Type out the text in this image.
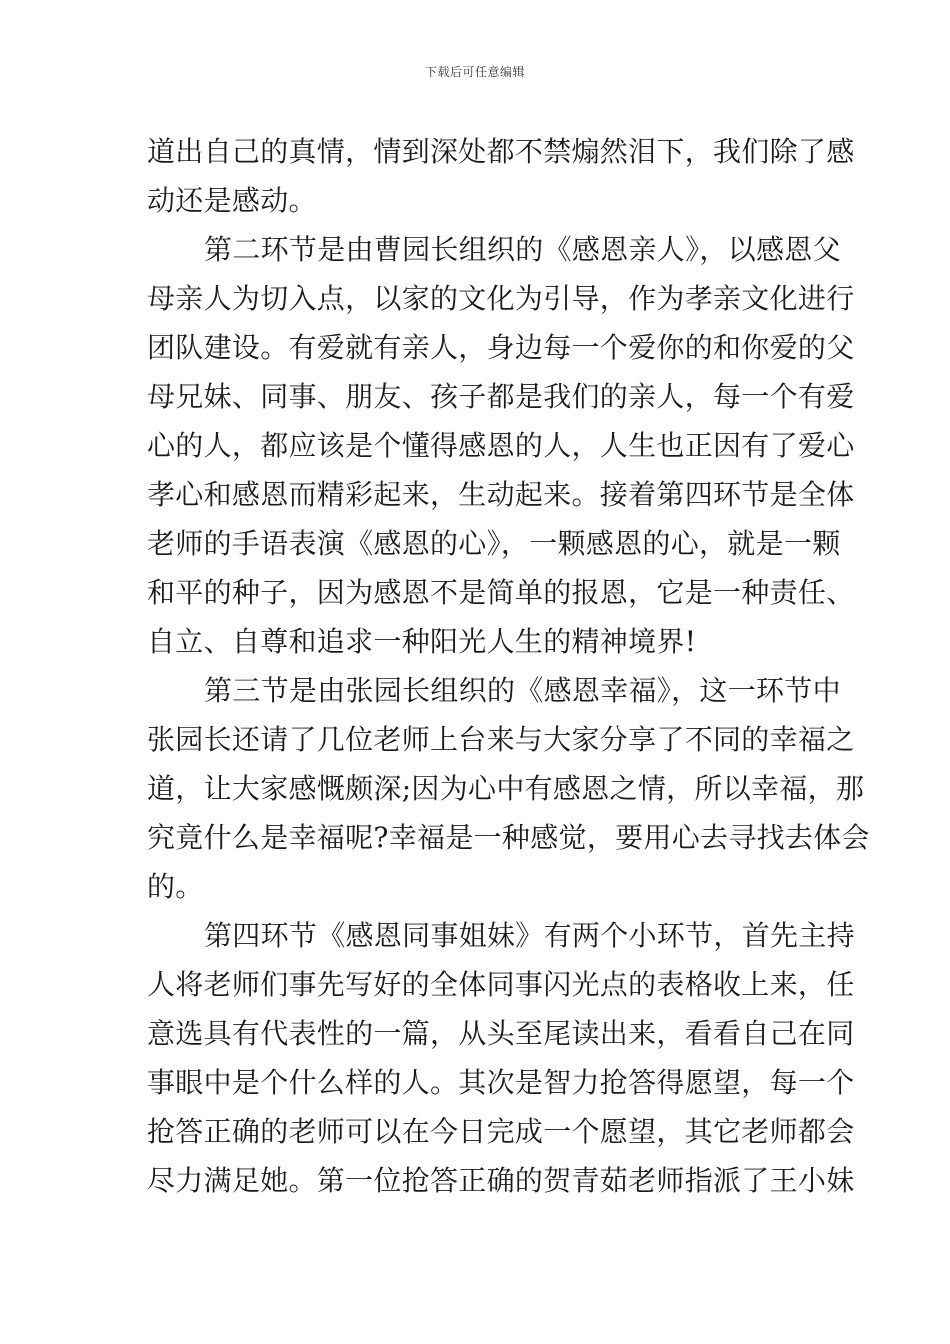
下载后可任意编辑
道出自己的真情，情到深处都不禁煽然泪下，我们除了感
动还是感动。
第二环节是由曹园长组织的《感恩亲人》，以感恩父
母亲人为切入点，以家的文化为引导，作为孝亲文化进行
团队建设。有爱就有亲人，身边每一个爱你的和你爱的父
母兄妹、同事、朋友、孩子都是我们的亲人，每一个有爱
心的人，都应该是个懂得感恩的人，人生也正因有了爱心
孝心和感恩而精彩起来，生动起来。接着第四环节是全体
老师的手语表演《感恩的心》，一颗感恩的心，就是一颗
和平的种子，因为感恩不是简单的报恩，它是一种责任、
自立、自尊和追求一种阳光人生的精神境界!
第三节是由张园长组织的《感恩幸福》，这一环节中
张园长还请了几位老师上台来与大家分享了不同的幸福之
道，让大家感慨颇深;因为心中有感恩之情，所以幸福，那
究竟什么是幸福呢?幸福是一种感觉，要用心去寻找去体会
的。
第四环节《感恩同事姐妹》有两个小环节，首先主持
人将老师们事先写好的全体同事闪光点的表格收上来，任
意选具有代表性的一篇，从头至尾读出来，看看自己在同
事眼中是个什么样的人。其次是智力抢答得愿望，每一个
抢答正确的老师可以在今日完成一个愿望，其它老师都会
尽力满足她。第一位抢答正确的贺青茹老师指派了王小妹
